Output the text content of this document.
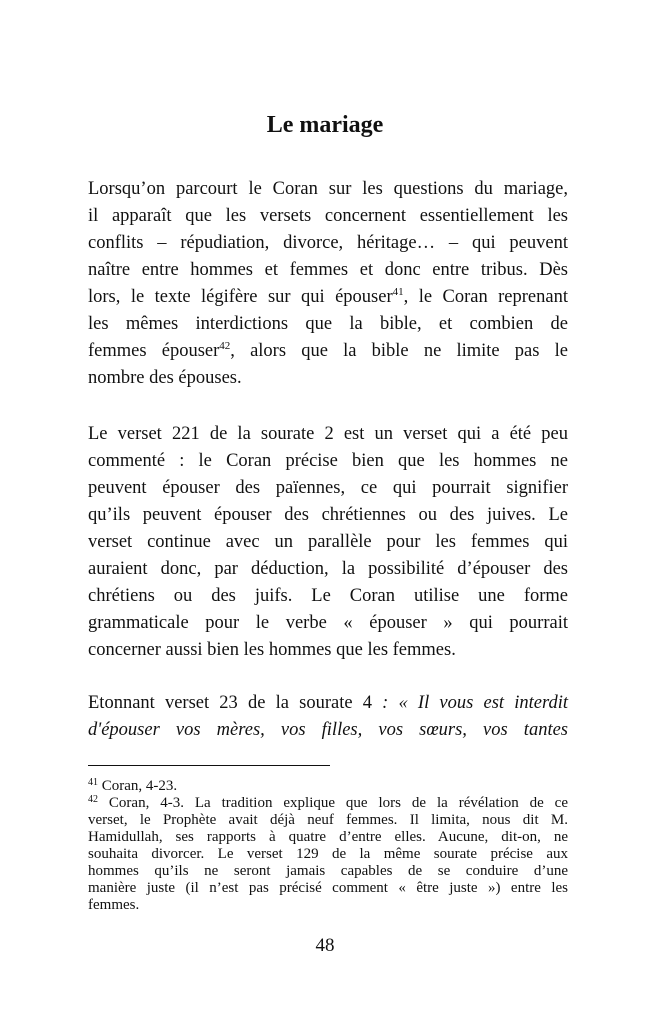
Le mariage
Lorsqu’on parcourt le Coran sur les questions du mariage,
il apparaît que les versets concernent essentiellement les
conflits – répudiation, divorce, héritage… – qui peuvent
naître entre hommes et femmes et donc entre tribus. Dès
lors, le texte légifère sur qui épouser$^{41}$, le Coran reprenant
les mêmes interdictions que la bible, et combien de
femmes épouser$^{42}$, alors que la bible ne limite pas le
nombre des épouses.
Le verset 221 de la sourate 2 est un verset qui a été peu
commenté : le Coran précise bien que les hommes ne
peuvent épouser des païennes, ce qui pourrait signifier
qu’ils peuvent épouser des chrétiennes ou des juives. Le
verset continue avec un parallèle pour les femmes qui
auraient donc, par déduction, la possibilité d’épouser des
chrétiens ou des juifs. Le Coran utilise une forme
grammaticale pour le verbe « épouser » qui pourrait
concerner aussi bien les hommes que les femmes.
Etonnant verset 23 de la sourate 4 : « Il vous est interdit
d'épouser vos mères, vos filles, vos sœurs, vos tantes
$^{41}$ Coran, 4-23.
$^{42}$ Coran, 4-3. La tradition explique que lors de la révélation de ce
verset, le Prophète avait déjà neuf femmes. Il limita, nous dit M.
Hamidullah, ses rapports à quatre d’entre elles. Aucune, dit-on, ne
souhaita divorcer. Le verset 129 de la même sourate précise aux
hommes qu’ils ne seront jamais capables de se conduire d’une
manière juste (il n’est pas précisé comment « être juste ») entre les
femmes.
48
